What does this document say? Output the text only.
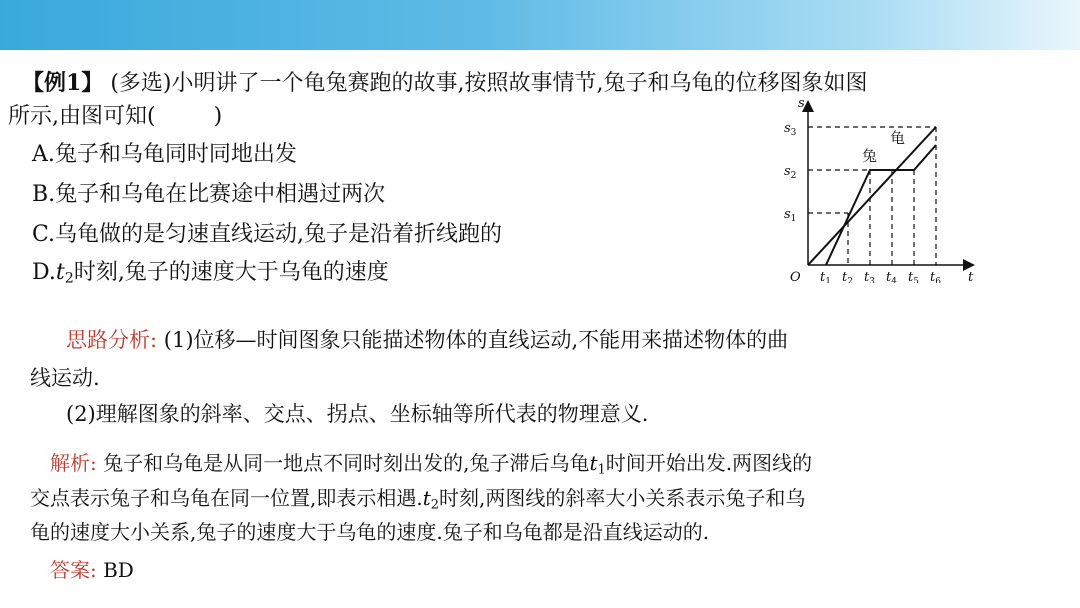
【例1】 (多选)小明讲了一个龟兔赛跑的故事,按照故事情节,兔子和乌龟的位移图象如图
所示,由图可知(	)
A.兔子和乌龟同时同地出发
B.兔子和乌龟在比赛途中相遇过两次
C.乌龟做的是匀速直线运动,兔子是沿着折线跑的
$D.t_2$时刻,兔子的速度大于乌龟的速度
s
t
O
$s_3$
$s_2$
$s_1$
$t_1$ $t_2$ $t_3$ $t_4$ $t_5$ $t_6$
龟
兔
思路分析: (1)位移—时间图象只能描述物体的直线运动,不能用来描述物体的曲
线运动.
(2)理解图象的斜率、交点、拐点、坐标轴等所代表的物理意义.
解析: 兔子和乌龟是从同一地点不同时刻出发的,兔子滞后乌龟$t_1$时间开始出发.两图线的
交点表示兔子和乌龟在同一位置,即表示相遇$.t_2$时刻,两图线的斜率大小关系表示兔子和乌
龟的速度大小关系,兔子的速度大于乌龟的速度.兔子和乌龟都是沿直线运动的.
答案: BD
